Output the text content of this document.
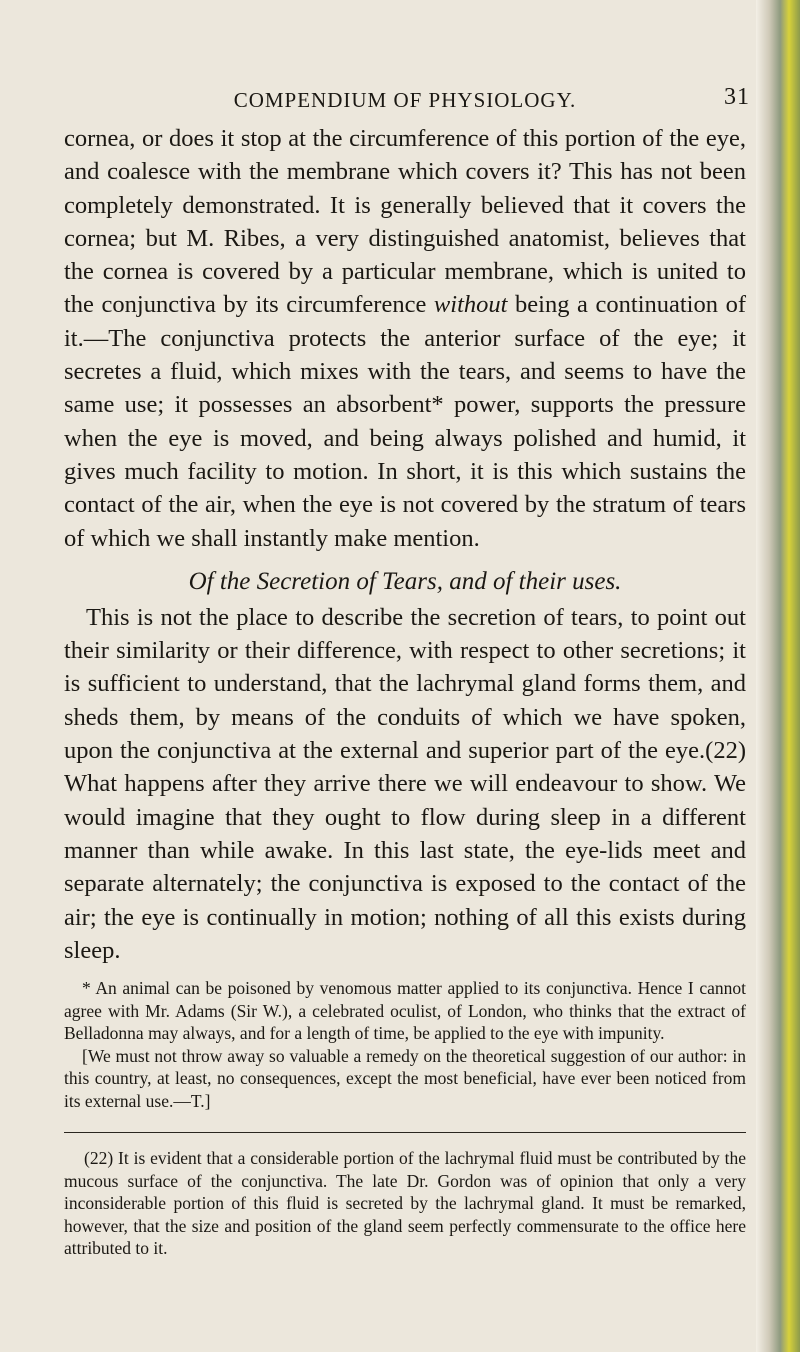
COMPENDIUM OF PHYSIOLOGY.	31

cornea, or does it stop at the circumference of this portion of the eye, and coalesce with the membrane which covers it? This has not been completely demonstrated. It is generally believed that it covers the cornea; but M. Ribes, a very distinguished anatomist, believes that the cornea is covered by a particular membrane, which is united to the conjunctiva by its circumference without being a continuation of it.—The conjunctiva protects the anterior surface of the eye; it secretes a fluid, which mixes with the tears, and seems to have the same use; it possesses an absorbent* power, supports the pressure when the eye is moved, and being always polished and humid, it gives much facility to motion. In short, it is this which sustains the contact of the air, when the eye is not covered by the stratum of tears of which we shall instantly make mention.

Of the Secretion of Tears, and of their uses.

This is not the place to describe the secretion of tears, to point out their similarity or their difference, with respect to other secretions; it is sufficient to understand, that the lachrymal gland forms them, and sheds them, by means of the conduits of which we have spoken, upon the conjunctiva at the external and superior part of the eye.(22) What happens after they arrive there we will endeavour to show. We would imagine that they ought to flow during sleep in a different manner than while awake. In this last state, the eye-lids meet and separate alternately; the conjunctiva is exposed to the contact of the air; the eye is continually in motion; nothing of all this exists during sleep.

* An animal can be poisoned by venomous matter applied to its conjunctiva. Hence I cannot agree with Mr. Adams (Sir W.), a celebrated oculist, of London, who thinks that the extract of Belladonna may always, and for a length of time, be applied to the eye with impunity.

[We must not throw away so valuable a remedy on the theoretical suggestion of our author: in this country, at least, no consequences, except the most beneficial, have ever been noticed from its external use.—T.]

(22) It is evident that a considerable portion of the lachrymal fluid must be contributed by the mucous surface of the conjunctiva. The late Dr. Gordon was of opinion that only a very inconsiderable portion of this fluid is secreted by the lachrymal gland. It must be remarked, however, that the size and position of the gland seem perfectly commensurate to the office here attributed to it.
